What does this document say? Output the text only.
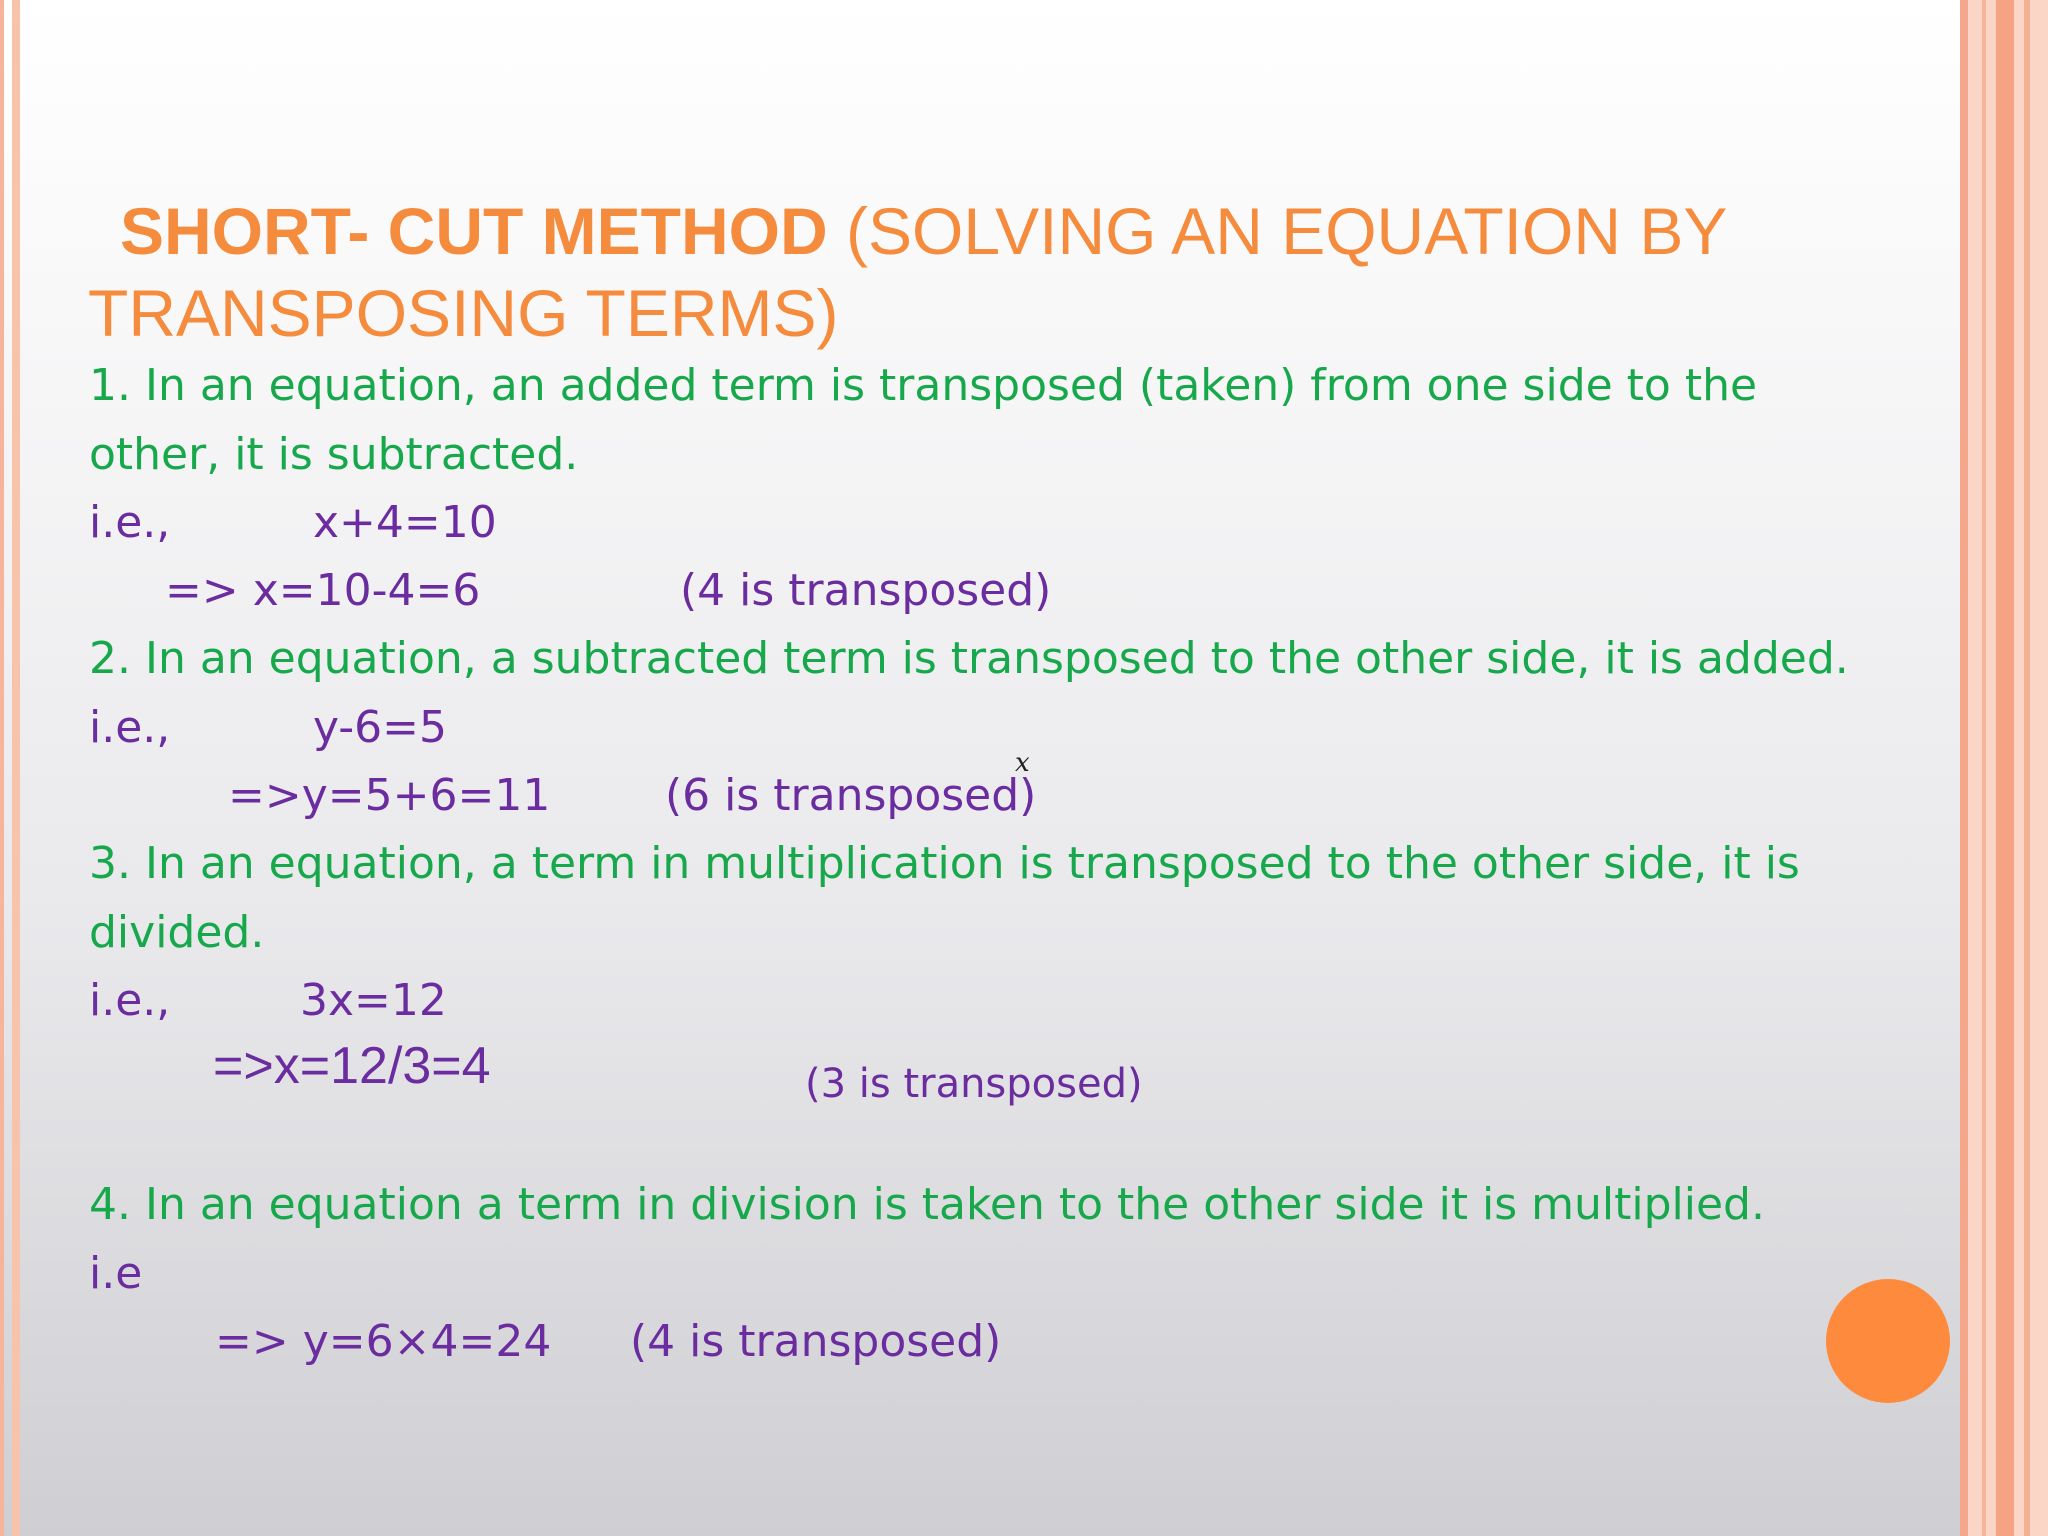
SHORT- CUT METHOD (SOLVING AN EQUATION BY
TRANSPOSING TERMS)

1. In an equation, an added term is transposed (taken) from one side to the

other, it is subtracted.

i.e.,	x+4=10

=> x=10-4=6	(4 is transposed)

2. In an equation, a subtracted term is transposed to the other side, it is added.

i.e.,	y-6=5

=>y=5+6=11	(6 is transposed)

x

3. In an equation, a term in multiplication is transposed to the other side, it is

divided.

i.e.,	3x=12

=>x=12/3=4	(3 is transposed)

4. In an equation a term in division is taken to the other side it is multiplied.

i.e

=> y=6×4=24 (4 is transposed)
